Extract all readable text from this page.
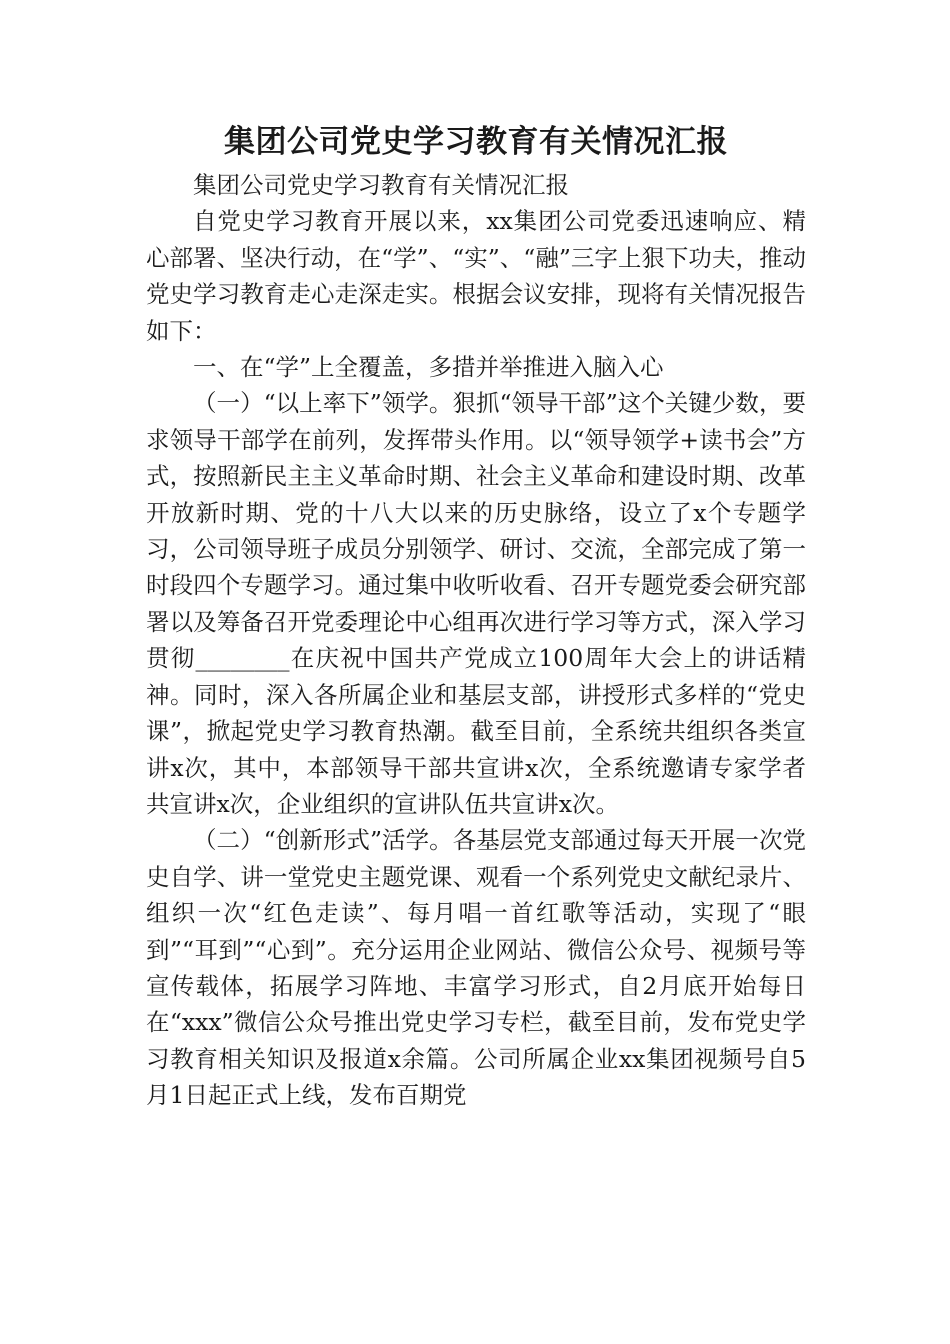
集团公司党史学习教育有关情况汇报

集团公司党史学习教育有关情况汇报

自党史学习教育开展以来，xx集团公司党委迅速响应、精心部署、坚决行动，在“学”、“实”、“融”三字上狠下功夫，推动党史学习教育走心走深走实。根据会议安排，现将有关情况报告如下：

一、在“学”上全覆盖，多措并举推进入脑入心

（一）“以上率下”领学。狠抓“领导干部”这个关键少数，要求领导干部学在前列，发挥带头作用。以“领导领学+读书会”方式，按照新民主主义革命时期、社会主义革命和建设时期、改革开放新时期、党的十八大以来的历史脉络，设立了x个专题学习，公司领导班子成员分别领学、研讨、交流，全部完成了第一时段四个专题学习。通过集中收听收看、召开专题党委会研究部署以及筹备召开党委理论中心组再次进行学习等方式，深入学习贯彻________在庆祝中国共产党成立100周年大会上的讲话精神。同时，深入各所属企业和基层支部，讲授形式多样的“党史课”，掀起党史学习教育热潮。截至目前，全系统共组织各类宣讲x次，其中，本部领导干部共宣讲x次，全系统邀请专家学者共宣讲x次，企业组织的宣讲队伍共宣讲x次。

（二）“创新形式”活学。各基层党支部通过每天开展一次党史自学、讲一堂党史主题党课、观看一个系列党史文献纪录片、组织一次“红色走读”、每月唱一首红歌等活动，实现了“眼到”“耳到”“心到”。充分运用企业网站、微信公众号、视频号等宣传载体，拓展学习阵地、丰富学习形式，自2月底开始每日在“xxx”微信公众号推出党史学习专栏，截至目前，发布党史学习教育相关知识及报道x余篇。公司所属企业xx集团视频号自5月1日起正式上线，发布百期党
